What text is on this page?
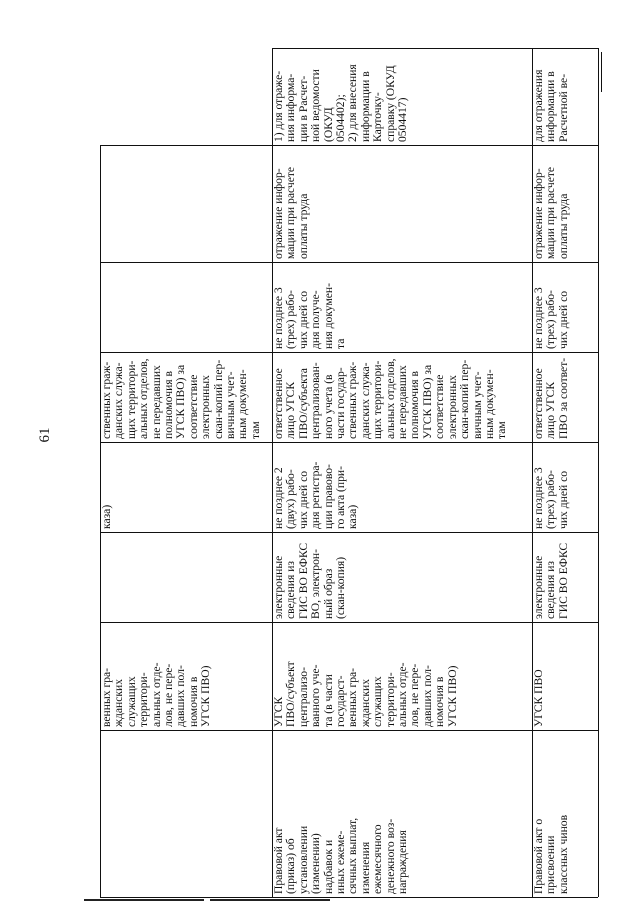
61	ственных граж-
данских служа-
щих территори-
альных отделов,
не передавших
полномочия в
УГСК ПВО) за
соответствие
электронных
скан-копий пер-
вичным учет-
ным докумен-
там
каза)
венных гра-
жданских
служащих
территори-
альных отде-
лов, не пере-
давших пол-
номочия в
УГСК ПВО)
1) для отраже-
ния информа-
ции в Расчет-
ной ведомости
(ОКУД
0504402);
2) для внесения
информации в
Карточку-
справку (ОКУД
0504417)
отражение инфор-
мации при расчете
оплаты труда
не позднее 3
(трех) рабо-
чих дней со
дня получе-
ния докумен-
та
ответственное
лицо УГСК
ПВО/субъекта
централизован-
ного учета (в
части государ-
ственных граж-
данских служа-
щих территори-
альных отделов,
не передавших
полномочия в
УГСК ПВО) за
соответствие
электронных
скан-копий пер-
вичным учет-
ным докумен-
там
не позднее 2
(двух) рабо-
чих дней со
дня регистра-
ции правово-
го акта (при-
каза)
электронные
сведения из
ГИС ВО ЕФКС
ВО, электрон-
ный образ
(скан-копия)
УГСК
ПВО/субъект
централизо-
ванного уче-
та (в части
государст-
венных гра-
жданских
служащих
территори-
альных отде-
лов, не пере-
давших пол-
номочия в
УГСК ПВО)
Правовой акт
(приказ) об
установлении
(изменении)
надбавок и
иных ежеме-
сячных выплат,
изменения
ежемесячного
денежного воз-
награждения
для отражения
информации в
Расчетной ве-
отражение инфор-
мации при расчете
оплаты труда
не позднее 3
(трех) рабо-
чих дней со
ответственное
лицо УГСК
ПВО за соответ-
не позднее 3
(трех) рабо-
чих дней со
электронные
сведения из
ГИС ВО ЕФКС
УГСК ПВО
Правовой акт о
присвоении
классных чинов
